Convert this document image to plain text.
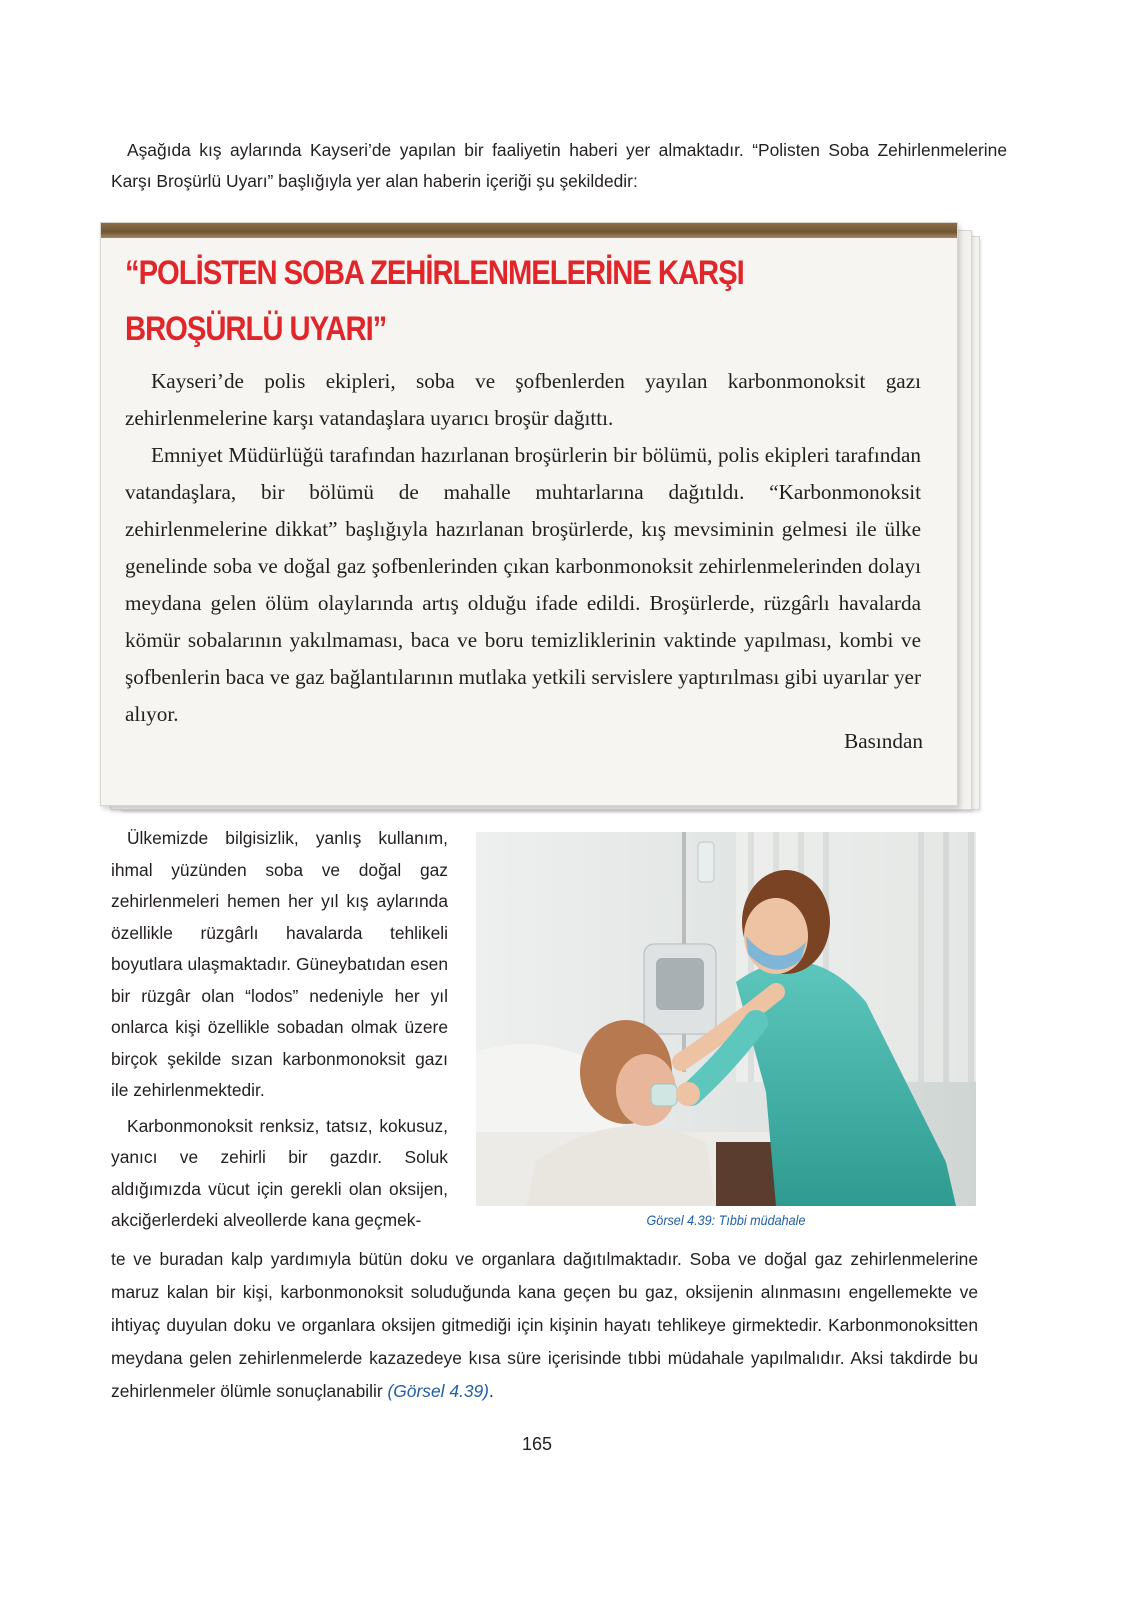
Aşağıda kış aylarında Kayseri’de yapılan bir faaliyetin haberi yer almaktadır. “Polisten Soba Zehirlenmelerine Karşı Broşürlü Uyarı” başlığıyla yer alan haberin içeriği şu şekildedir:
“POLİSTEN SOBA ZEHİRLENMELERİNE KARŞI
BROŞÜRLÜ UYARI”

Kayseri’de polis ekipleri, soba ve şofbenlerden yayılan karbonmonoksit gazı zehirlenmelerine karşı vatandaşlara uyarıcı broşür dağıttı.

Emniyet Müdürlüğü tarafından hazırlanan broşürlerin bir bölümü, polis ekipleri tarafından vatandaşlara, bir bölümü de mahalle muhtarlarına dağıtıldı. “Karbonmonoksit zehirlenmelerine dikkat” başlığıyla hazırlanan broşürlerde, kış mevsiminin gelmesi ile ülke genelinde soba ve doğal gaz şofbenlerinden çıkan karbonmonoksit zehirlenmelerinden dolayı meydana gelen ölüm olaylarında artış olduğu ifade edildi. Broşürlerde, rüzgârlı havalarda kömür sobalarının yakılmaması, baca ve boru temizliklerinin vaktinde yapılması, kombi ve şofbenlerin baca ve gaz bağlantılarının mutlaka yetkili servislere yaptırılması gibi uyarılar yer alıyor.

Basından

Ülkemizde bilgisizlik, yanlış kullanım, ihmal yüzünden soba ve doğal gaz zehirlenmeleri hemen her yıl kış aylarında özellikle rüzgârlı havalarda tehlikeli boyutlara ulaşmaktadır. Güneybatıdan esen bir rüzgâr olan “lodos” nedeniyle her yıl onlarca kişi özellikle sobadan olmak üzere birçok şekilde sızan karbonmonoksit gazı ile zehirlenmektedir.

Karbonmonoksit renksiz, tatsız, kokusuz, yanıcı ve zehirli bir gazdır. Soluk aldığımızda vücut için gerekli olan oksijen, akciğerlerdeki alveollerde kana geçmek-	Görsel 4.39: Tıbbi müdahale
te ve buradan kalp yardımıyla bütün doku ve organlara dağıtılmaktadır. Soba ve doğal gaz zehirlenmelerine maruz kalan bir kişi, karbonmonoksit soluduğunda kana geçen bu gaz, oksijenin alınmasını engellemekte ve ihtiyaç duyulan doku ve organlara oksijen gitmediği için kişinin hayatı tehlikeye girmektedir. Karbonmonoksitten meydana gelen zehirlenmelerde kazazedeye kısa süre içerisinde tıbbi müdahale yapılmalıdır. Aksi takdirde bu zehirlenmeler ölümle sonuçlanabilir (Görsel 4.39).
165
